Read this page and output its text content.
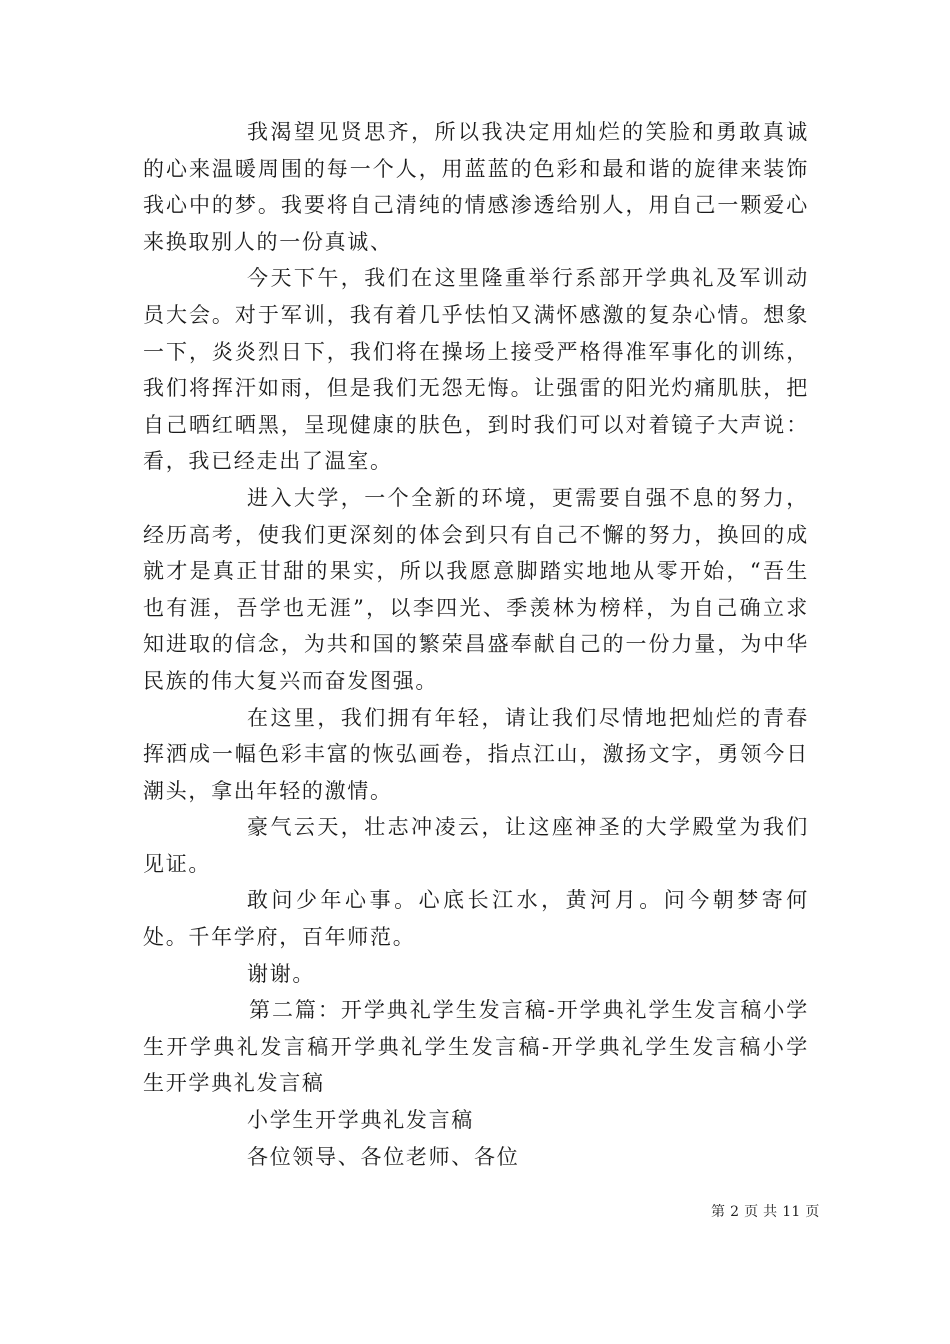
我渴望见贤思齐，所以我决定用灿烂的笑脸和勇敢真诚的心来温暖周围的每一个人，用蓝蓝的色彩和最和谐的旋律来装饰我心中的梦。我要将自己清纯的情感渗透给别人，用自己一颗爱心来换取别人的一份真诚、

今天下午，我们在这里隆重举行系部开学典礼及军训动员大会。对于军训，我有着几乎怯怕又满怀感激的复杂心情。想象一下，炎炎烈日下，我们将在操场上接受严格得准军事化的训练，我们将挥汗如雨，但是我们无怨无悔。让强雷的阳光灼痛肌肤，把自己晒红晒黑，呈现健康的肤色，到时我们可以对着镜子大声说：看，我已经走出了温室。

进入大学，一个全新的环境，更需要自强不息的努力，经历高考，使我们更深刻的体会到只有自己不懈的努力，换回的成就才是真正甘甜的果实，所以我愿意脚踏实地地从零开始，“吾生也有涯，吾学也无涯”，以李四光、季羡林为榜样，为自己确立求知进取的信念，为共和国的繁荣昌盛奉献自己的一份力量，为中华民族的伟大复兴而奋发图强。

在这里，我们拥有年轻，请让我们尽情地把灿烂的青春挥洒成一幅色彩丰富的恢弘画卷，指点江山，激扬文字，勇领今日潮头，拿出年轻的激情。

豪气云天，壮志冲凌云，让这座神圣的大学殿堂为我们见证。

敢问少年心事。心底长江水，黄河月。问今朝梦寄何处。千年学府，百年师范。

谢谢。

第二篇：开学典礼学生发言稿-开学典礼学生发言稿小学生开学典礼发言稿开学典礼学生发言稿-开学典礼学生发言稿小学生开学典礼发言稿

小学生开学典礼发言稿

各位领导、各位老师、各位

第 2 页 共 11 页
